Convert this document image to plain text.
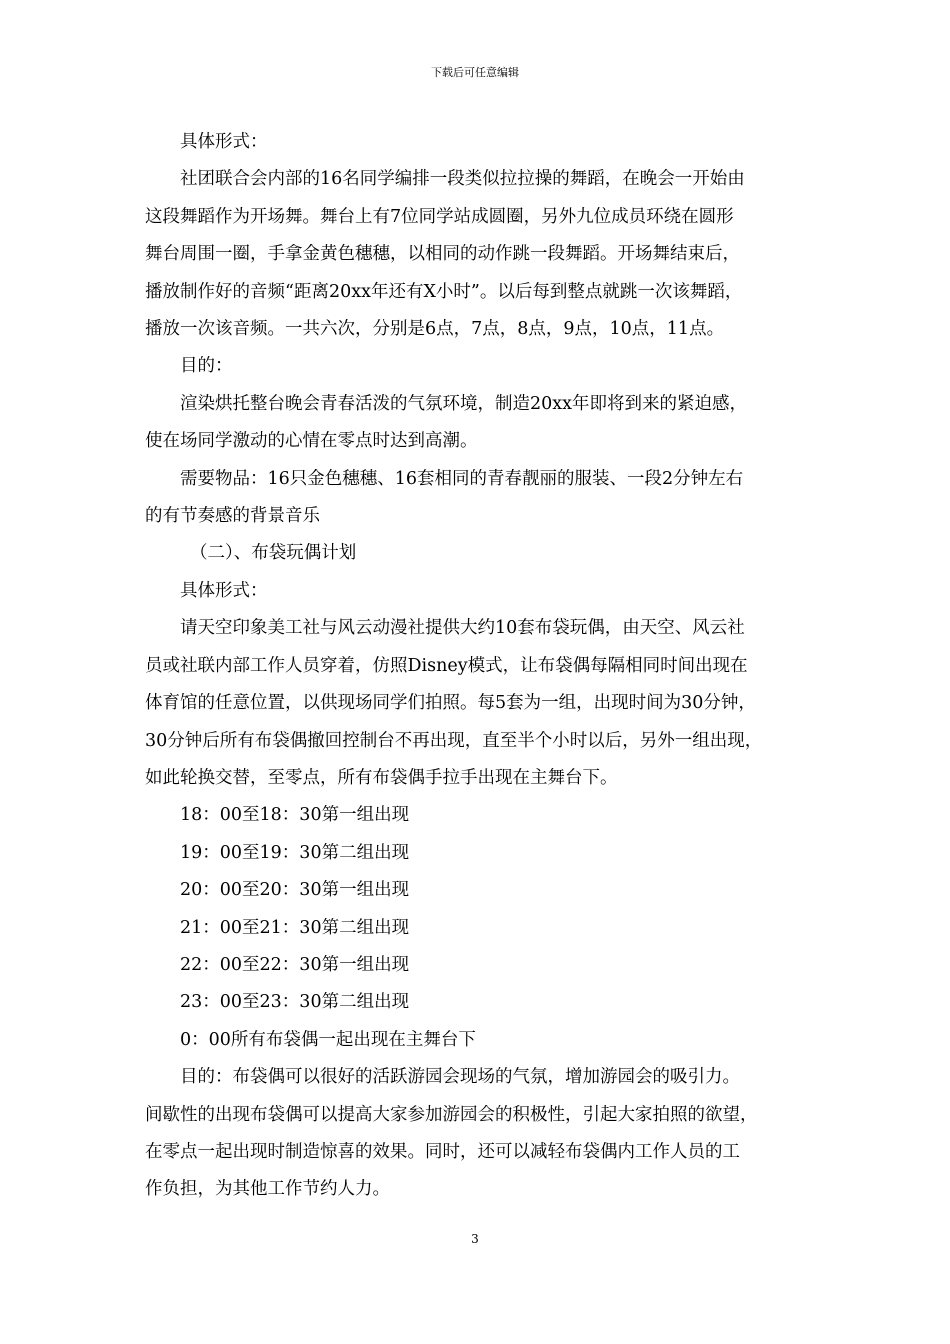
下载后可任意编辑
具体形式：
社团联合会内部的16名同学编排一段类似拉拉操的舞蹈，在晚会一开始由
这段舞蹈作为开场舞。舞台上有7位同学站成圆圈，另外九位成员环绕在圆形
舞台周围一圈，手拿金黄色穗穗，以相同的动作跳一段舞蹈。开场舞结束后，
播放制作好的音频“距离20xx年还有X小时”。以后每到整点就跳一次该舞蹈，
播放一次该音频。一共六次，分别是6点，7点，8点，9点，10点，11点。
目的：
渲染烘托整台晚会青春活泼的气氛环境，制造20xx年即将到来的紧迫感，
使在场同学激动的心情在零点时达到高潮。
需要物品：16只金色穗穗、16套相同的青春靓丽的服装、一段2分钟左右
的有节奏感的背景音乐
（二）、布袋玩偶计划
具体形式：
请天空印象美工社与风云动漫社提供大约10套布袋玩偶，由天空、风云社
员或社联内部工作人员穿着，仿照Disney模式，让布袋偶每隔相同时间出现在
体育馆的任意位置，以供现场同学们拍照。每5套为一组，出现时间为30分钟，
30分钟后所有布袋偶撤回控制台不再出现，直至半个小时以后，另外一组出现，
如此轮换交替，至零点，所有布袋偶手拉手出现在主舞台下。
18：00至18：30第一组出现
19：00至19：30第二组出现
20：00至20：30第一组出现
21：00至21：30第二组出现
22：00至22：30第一组出现
23：00至23：30第二组出现
0：00所有布袋偶一起出现在主舞台下
目的：布袋偶可以很好的活跃游园会现场的气氛，增加游园会的吸引力。
间歇性的出现布袋偶可以提高大家参加游园会的积极性，引起大家拍照的欲望，
在零点一起出现时制造惊喜的效果。同时，还可以减轻布袋偶内工作人员的工
作负担，为其他工作节约人力。
3
